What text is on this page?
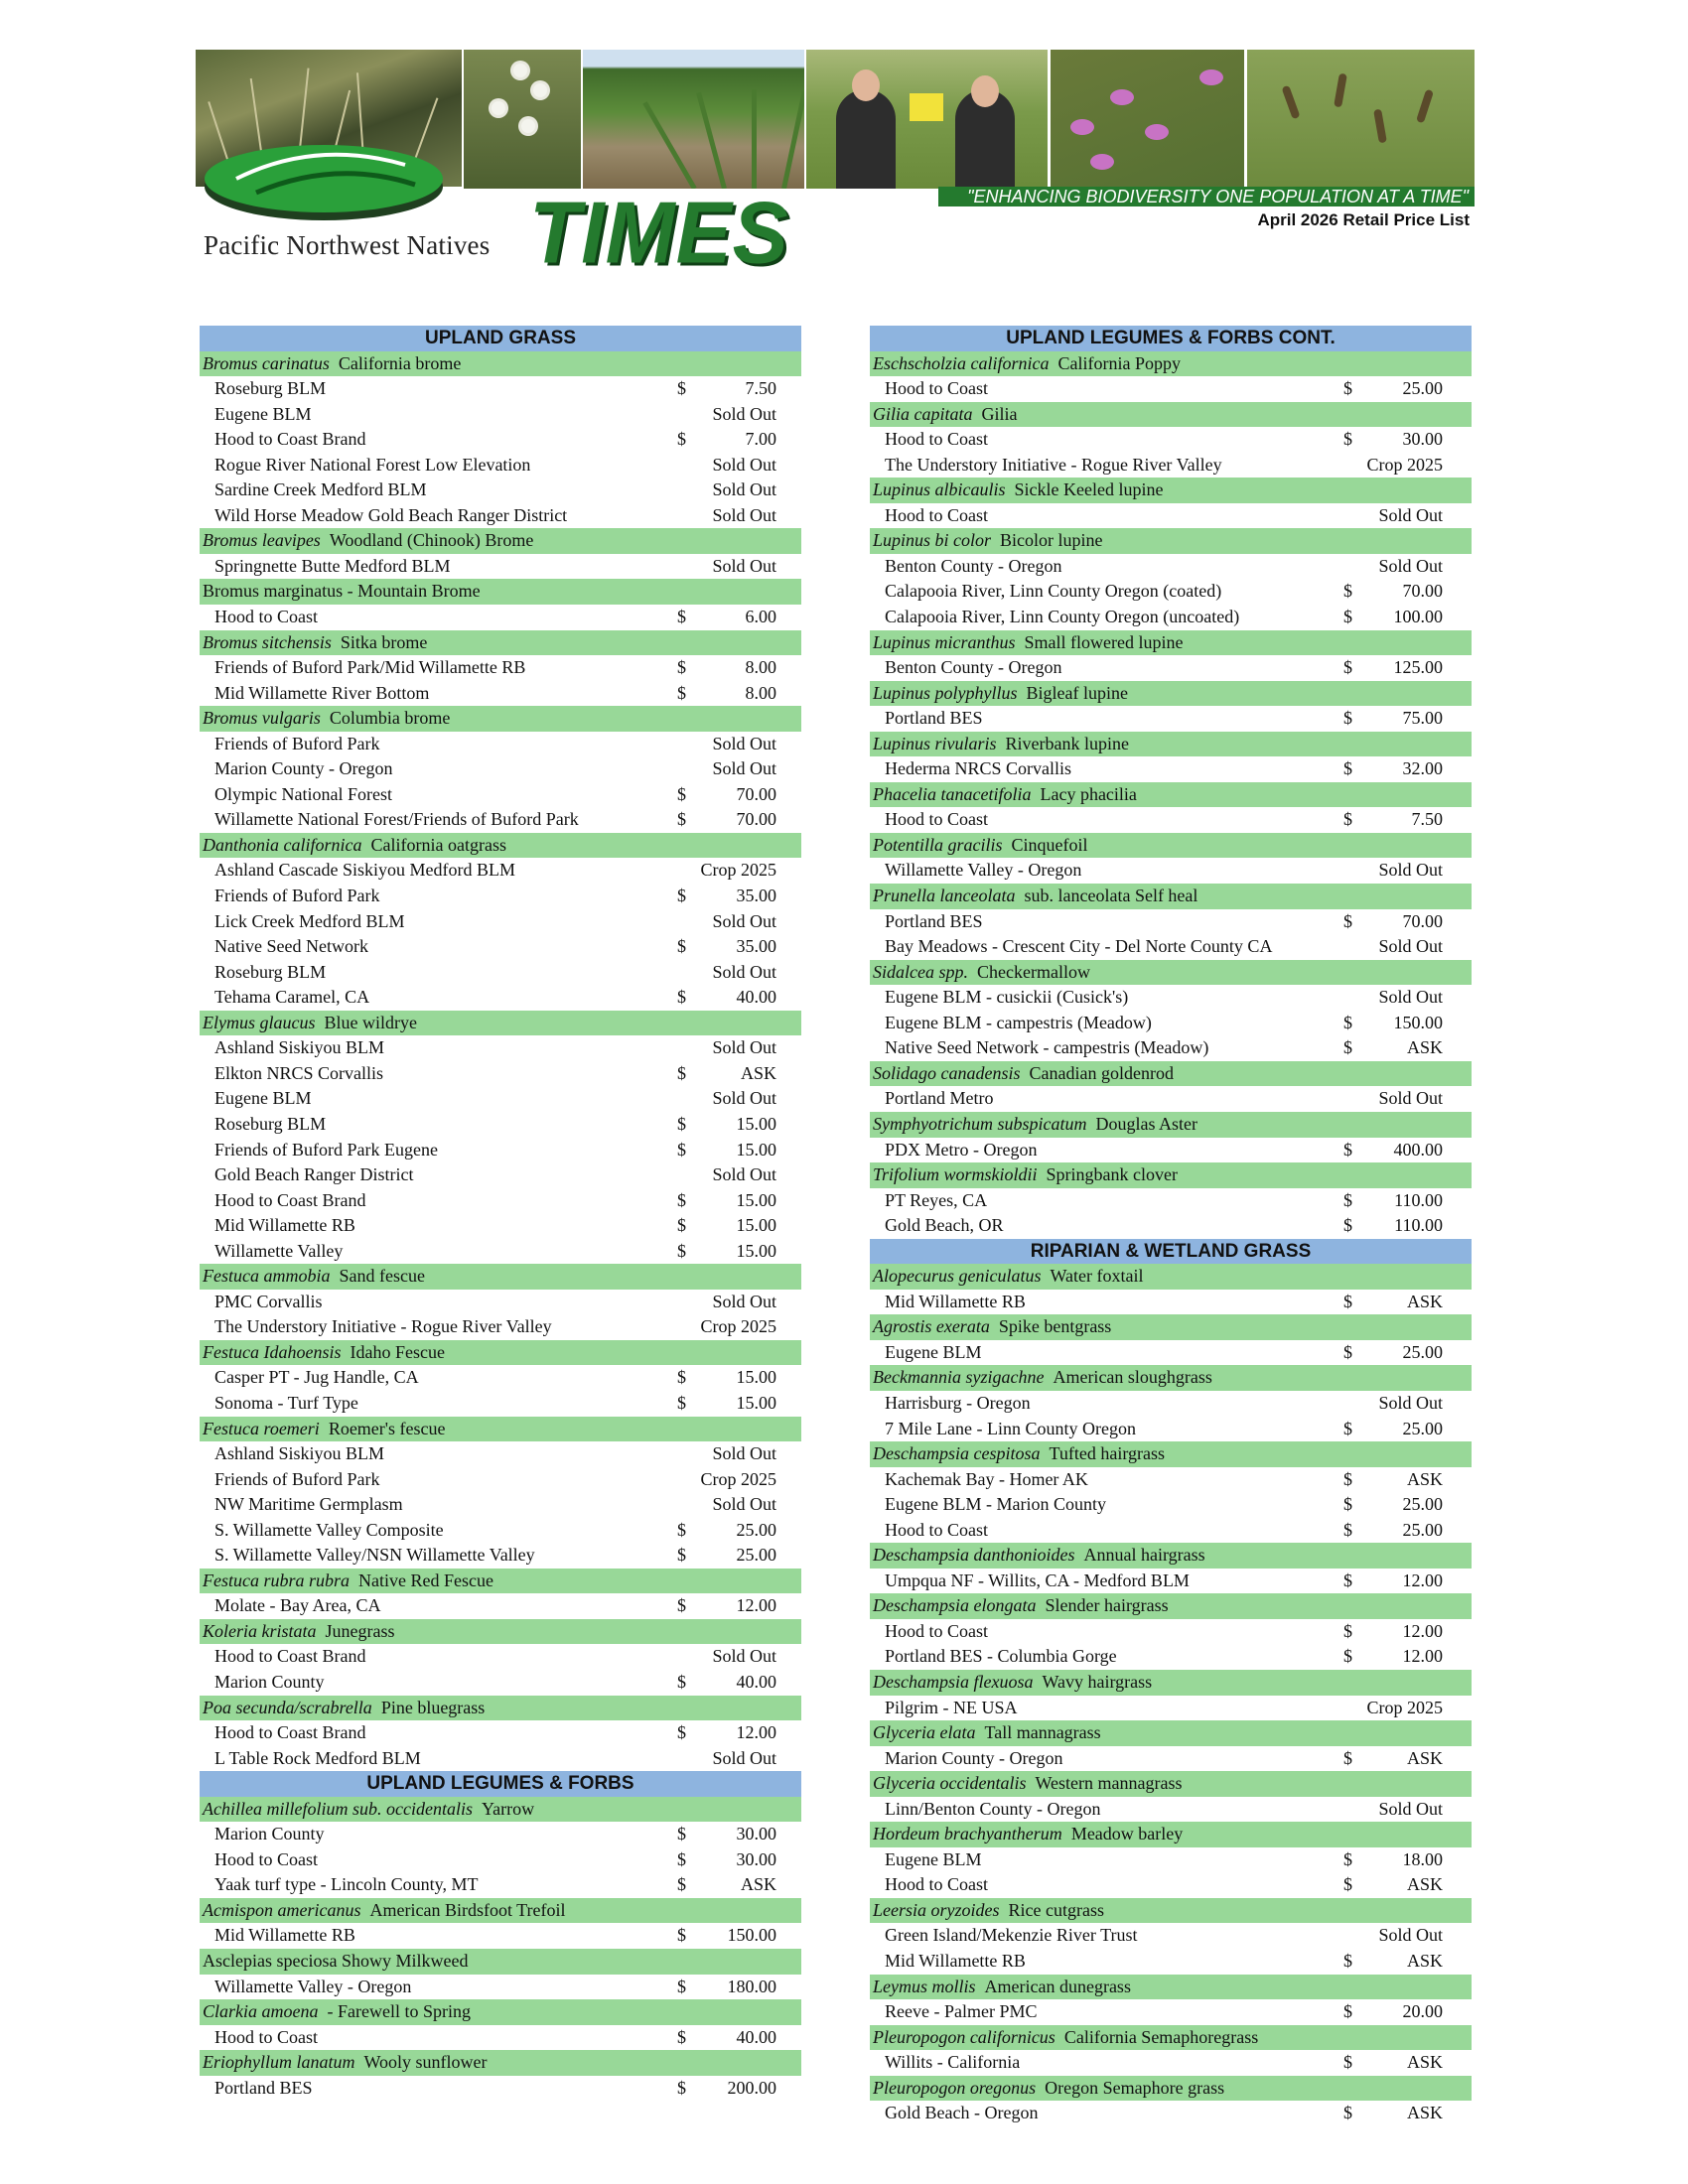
Pacific Northwest Natives TIMES	"ENHANCING BIODIVERSITY ONE POPULATION AT A TIME"
April 2026 Retail Price List
UPLAND GRASS
Bromus carinatus California brome
Roseburg BLM	$	7.50
Eugene BLM	Sold Out
Hood to Coast Brand	$	7.00
Rogue River National Forest Low Elevation	Sold Out
Sardine Creek Medford BLM	Sold Out
Wild Horse Meadow Gold Beach Ranger District	Sold Out
Bromus leavipes Woodland (Chinook) Brome
Springnette Butte Medford BLM	Sold Out
Bromus marginatus - Mountain Brome
Hood to Coast	$	6.00
Bromus sitchensis Sitka brome
Friends of Buford Park/Mid Willamette RB	$	8.00
Mid Willamette River Bottom	$	8.00
Bromus vulgaris Columbia brome
Friends of Buford Park	Sold Out
Marion County - Oregon	Sold Out
Olympic National Forest	$	70.00
Willamette National Forest/Friends of Buford Park	$	70.00
Danthonia californica California oatgrass
Ashland Cascade Siskiyou Medford BLM	Crop 2025
Friends of Buford Park	$	35.00
Lick Creek Medford BLM	Sold Out
Native Seed Network	$	35.00
Roseburg BLM	Sold Out
Tehama Caramel, CA	$	40.00
Elymus glaucus Blue wildrye
Ashland Siskiyou BLM	Sold Out
Elkton NRCS Corvallis	$	ASK
Eugene BLM	Sold Out
Roseburg BLM	$	15.00
Friends of Buford Park Eugene	$	15.00
Gold Beach Ranger District	Sold Out
Hood to Coast Brand	$	15.00
Mid Willamette RB	$	15.00
Willamette Valley	$	15.00
Festuca ammobia Sand fescue
PMC Corvallis	Sold Out
The Understory Initiative - Rogue River Valley	Crop 2025
Festuca Idahoensis Idaho Fescue
Casper PT - Jug Handle, CA	$	15.00
Sonoma - Turf Type	$	15.00
Festuca roemeri Roemer's fescue
Ashland Siskiyou BLM	Sold Out
Friends of Buford Park	Crop 2025
NW Maritime Germplasm	Sold Out
S. Willamette Valley Composite	$	25.00
S. Willamette Valley/NSN Willamette Valley	$	25.00
Festuca rubra rubra Native Red Fescue
Molate - Bay Area, CA	$	12.00
Koleria kristata Junegrass
Hood to Coast Brand	Sold Out
Marion County	$	40.00
Poa secunda/scrabrella Pine bluegrass
Hood to Coast Brand	$	12.00
L Table Rock Medford BLM	Sold Out
UPLAND LEGUMES & FORBS
Achillea millefolium sub. occidentalis Yarrow
Marion County	$	30.00
Hood to Coast	$	30.00
Yaak turf type - Lincoln County, MT	$	ASK
Acmispon americanus American Birdsfoot Trefoil
Mid Willamette RB	$ 150.00
Asclepias speciosa Showy Milkweed
Willamette Valley - Oregon	$ 180.00
Clarkia amoena - Farewell to Spring
Hood to Coast	$	40.00
Eriophyllum lanatum Wooly sunflower
Portland BES	$ 200.00
UPLAND LEGUMES & FORBS CONT.
Eschscholzia californica California Poppy
Hood to Coast	$	25.00
Gilia capitata Gilia
Hood to Coast	$	30.00
The Understory Initiative - Rogue River Valley	Crop 2025
Lupinus albicaulis Sickle Keeled lupine
Hood to Coast	Sold Out
Lupinus bi color Bicolor lupine
Benton County - Oregon	Sold Out
Calapooia River, Linn County Oregon (coated)	$	70.00
Calapooia River, Linn County Oregon (uncoated)	$ 100.00
Lupinus micranthus Small flowered lupine
Benton County - Oregon	$ 125.00
Lupinus polyphyllus Bigleaf lupine
Portland BES	$	75.00
Lupinus rivularis Riverbank lupine
Hederma NRCS Corvallis	$	32.00
Phacelia tanacetifolia Lacy phacilia
Hood to Coast	$	7.50
Potentilla gracilis Cinquefoil
Willamette Valley - Oregon	Sold Out
Prunella lanceolata sub. lanceolata Self heal
Portland BES	$	70.00
Bay Meadows - Crescent City - Del Norte County CA	Sold Out
Sidalcea spp. Checkermallow
Eugene BLM - cusickii (Cusick's)	Sold Out
Eugene BLM - campestris (Meadow)	$ 150.00
Native Seed Network - campestris (Meadow)	$	ASK
Solidago canadensis Canadian goldenrod
Portland Metro	Sold Out
Symphyotrichum subspicatum Douglas Aster
PDX Metro - Oregon	$ 400.00
Trifolium wormskioldii Springbank clover
PT Reyes, CA	$ 110.00
Gold Beach, OR	$ 110.00
RIPARIAN & WETLAND GRASS
Alopecurus geniculatus Water foxtail
Mid Willamette RB	$	ASK
Agrostis exerata Spike bentgrass
Eugene BLM	$	25.00
Beckmannia syzigachne American sloughgrass
Harrisburg - Oregon	Sold Out
7 Mile Lane - Linn County Oregon	$	25.00
Deschampsia cespitosa Tufted hairgrass
Kachemak Bay - Homer AK	$	ASK
Eugene BLM - Marion County	$	25.00
Hood to Coast	$	25.00
Deschampsia danthonioides Annual hairgrass
Umpqua NF - Willits, CA - Medford BLM	$	12.00
Deschampsia elongata Slender hairgrass
Hood to Coast	$	12.00
Portland BES - Columbia Gorge	$	12.00
Deschampsia flexuosa Wavy hairgrass
Pilgrim - NE USA	Crop 2025
Glyceria elata Tall mannagrass
Marion County - Oregon	$	ASK
Glyceria occidentalis Western mannagrass
Linn/Benton County - Oregon	Sold Out
Hordeum brachyantherum Meadow barley
Eugene BLM	$	18.00
Hood to Coast	$	ASK
Leersia oryzoides Rice cutgrass
Green Island/Mekenzie River Trust	Sold Out
Mid Willamette RB	$	ASK
Leymus mollis American dunegrass
Reeve - Palmer PMC	$	20.00
Pleuropogon californicus California Semaphoregrass
Willits - California	$	ASK
Pleuropogon oregonus Oregon Semaphore grass
Gold Beach - Oregon	$	ASK
